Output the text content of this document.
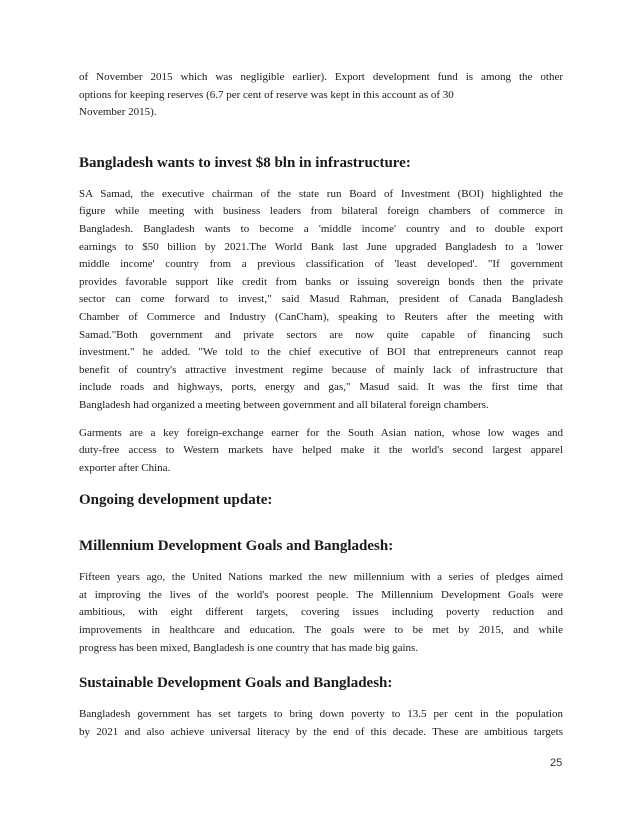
of November 2015 which was negligible earlier). Export development fund is among the other
options for keeping reserves (6.7 per cent of reserve was kept in this account as of 30
November 2015).

Bangladesh wants to invest $8 bln in infrastructure:

SA Samad, the executive chairman of the state run Board of Investment (BOI) highlighted the
figure while meeting with business leaders from bilateral foreign chambers of commerce in
Bangladesh. Bangladesh wants to become a 'middle income' country and to double export
earnings to $50 billion by 2021.The World Bank last June upgraded Bangladesh to a 'lower
middle income' country from a previous classification of 'least developed'. "If government
provides favorable support like credit from banks or issuing sovereign bonds then the private
sector can come forward to invest," said Masud Rahman, president of Canada Bangladesh
Chamber of Commerce and Industry (CanCham), speaking to Reuters after the meeting with
Samad."Both government and private sectors are now quite capable of financing such
investment." he added. "We told to the chief executive of BOI that entrepreneurs cannot reap
benefit of country's attractive investment regime because of mainly lack of infrastructure that
include roads and highways, ports, energy and gas," Masud said. It was the first time that
Bangladesh had organized a meeting between government and all bilateral foreign chambers.

Garments are a key foreign-exchange earner for the South Asian nation, whose low wages and
duty-free access to Western markets have helped make it the world's second largest apparel
exporter after China.

Ongoing development update:
Millennium Development Goals and Bangladesh:

Fifteen years ago, the United Nations marked the new millennium with a series of pledges aimed
at improving the lives of the world's poorest people. The Millennium Development Goals were
ambitious, with eight different targets, covering issues including poverty reduction and
improvements in healthcare and education. The goals were to be met by 2015, and while
progress has been mixed, Bangladesh is one country that has made big gains.

Sustainable Development Goals and Bangladesh:

Bangladesh government has set targets to bring down poverty to 13.5 per cent in the population
by 2021 and also achieve universal literacy by the end of this decade. These are ambitious targets

25
